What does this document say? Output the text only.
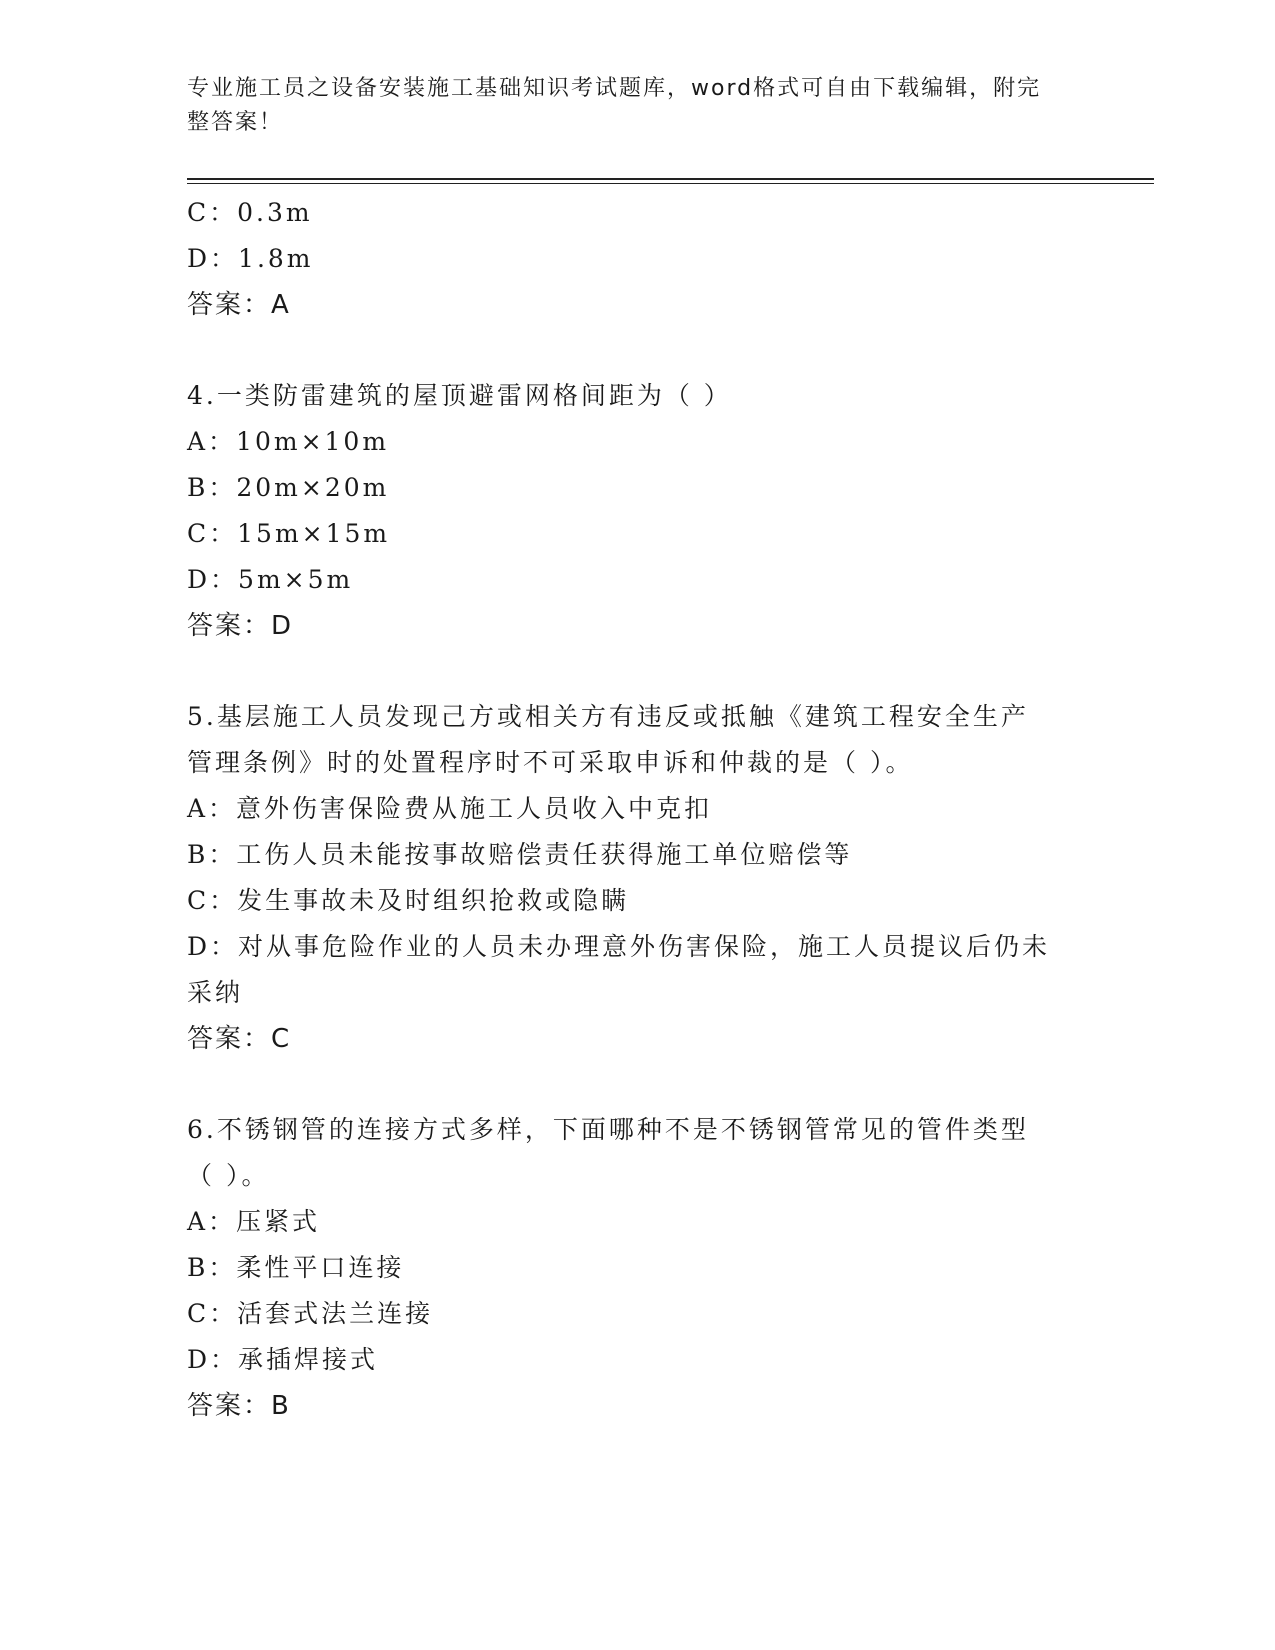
专业施工员之设备安装施工基础知识考试题库，word格式可自由下载编辑，附完
整答案！
C：0.3m
D：1.8m
答案：A
4.一类防雷建筑的屋顶避雷网格间距为（ ）
A：10m×10m
B：20m×20m
C：15m×15m
D：5m×5m
答案：D
5.基层施工人员发现己方或相关方有违反或抵触《建筑工程安全生产
管理条例》时的处置程序时不可采取申诉和仲裁的是（ ）。
A：意外伤害保险费从施工人员收入中克扣
B：工伤人员未能按事故赔偿责任获得施工单位赔偿等
C：发生事故未及时组织抢救或隐瞒
D：对从事危险作业的人员未办理意外伤害保险，施工人员提议后仍未
采纳
答案：C
6.不锈钢管的连接方式多样，下面哪种不是不锈钢管常见的管件类型
（ ）。
A：压紧式
B：柔性平口连接
C：活套式法兰连接
D：承插焊接式
答案：B
